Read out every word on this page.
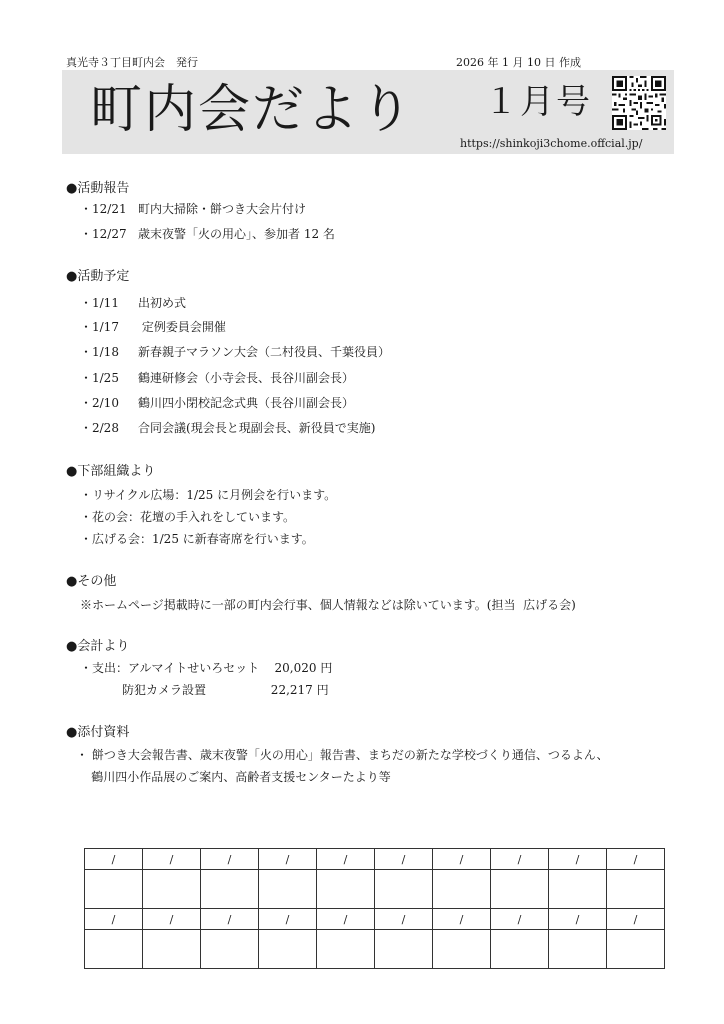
真光寺３丁目町内会　発行	2026 年 1 月 10 日 作成
町内会だより １月号
https://shinkoji3chome.offcial.jp/
●活動報告
・12/21   町内大掃除・餅つき大会片付け
・12/27   歳末夜警「火の用心」、参加者 12 名
●活動予定
・1/11     出初め式
・1/17      定例委員会開催
・1/18     新春親子マラソン大会（二村役員、千葉役員）
・1/25     鶴連研修会（小寺会長、長谷川副会長）
・2/10     鶴川四小閉校記念式典（長谷川副会長）
・2/28     合同会議(現会長と現副会長、新役員で実施)
●下部組織より
・リサイクル広場：1/25 に月例会を行います。
・花の会：花壇の手入れをしています。
・広げる会：1/25 に新春寄席を行います。
●その他
※ホームページ掲載時に一部の町内会行事、個人情報などは除いています。(担当  広げる会)
●会計より
・支出：アルマイトせいろセット    20,020 円
防犯カメラ設置                 22,217 円
●添付資料
・ 餅つき大会報告書、歳末夜警「火の用心」報告書、まちだの新たな学校づくり通信、つるよん、
鶴川四小作品展のご案内、高齢者支援センターたより等
/	/	/	/	/	/	/	/	/	/

/	/	/	/	/	/	/	/	/	/
